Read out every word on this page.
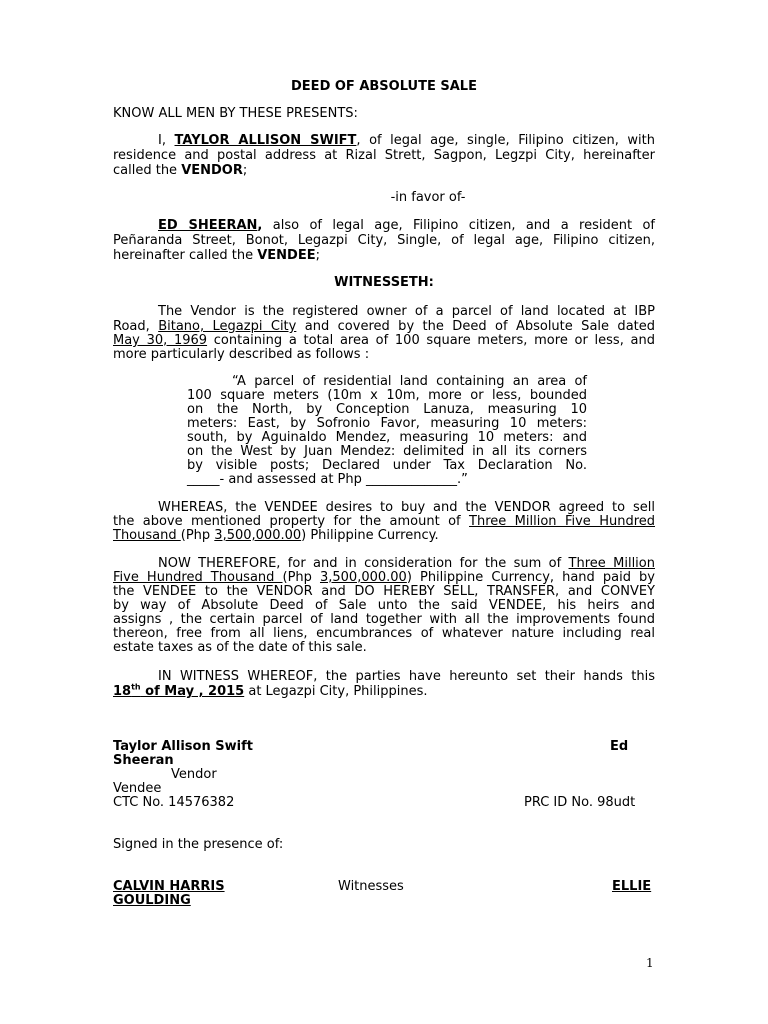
DEED OF ABSOLUTE SALE
KNOW ALL MEN BY THESE PRESENTS:
I, TAYLOR ALLISON SWIFT, of legal age, single, Filipino citizen, with
residence and postal address at Rizal Strett, Sagpon, Legzpi City, hereinafter
called the VENDOR;
-in favor of-
ED SHEERAN, also of legal age, Filipino citizen, and a resident of
Peñaranda Street, Bonot, Legazpi City, Single, of legal age, Filipino citizen,
hereinafter called the VENDEE;
WITNESSETH:
The Vendor is the registered owner of a parcel of land located at IBP
Road, Bitano, Legazpi City and covered by the Deed of Absolute Sale dated
May 30, 1969 containing a total area of 100 square meters, more or less, and
more particularly described as follows :
“A parcel of residential land containing an area of
100 square meters (10m x 10m, more or less, bounded
on the North, by Conception Lanuza, measuring 10
meters: East, by Sofronio Favor, measuring 10 meters:
south, by Aguinaldo Mendez, measuring 10 meters: and
on the West by Juan Mendez: delimited in all its corners
by visible posts; Declared under Tax Declaration No.
_____- and assessed at Php ______________.”
WHEREAS, the VENDEE desires to buy and the VENDOR agreed to sell
the above mentioned property for the amount of Three Million Five Hundred
Thousand (Php 3,500,000.00) Philippine Currency.
NOW THEREFORE, for and in consideration for the sum of Three Million
Five Hundred Thousand (Php 3,500,000.00) Philippine Currency, hand paid by
the VENDEE to the VENDOR and DO HEREBY SELL, TRANSFER, and CONVEY
by way of Absolute Deed of Sale unto the said VENDEE, his heirs and
assigns , the certain parcel of land together with all the improvements found
thereon, free from all liens, encumbrances of whatever nature including real
estate taxes as of the date of this sale.
IN WITNESS WHEREOF, the parties have hereunto set their hands this
18th of May , 2015 at Legazpi City, Philippines.
Taylor Allison Swift	Ed
Sheeran
Vendor
Vendee
CTC No. 14576382	PRC ID No. 98udt
Signed in the presence of:
CALVIN HARRIS	Witnesses	ELLIE
GOULDING
1
